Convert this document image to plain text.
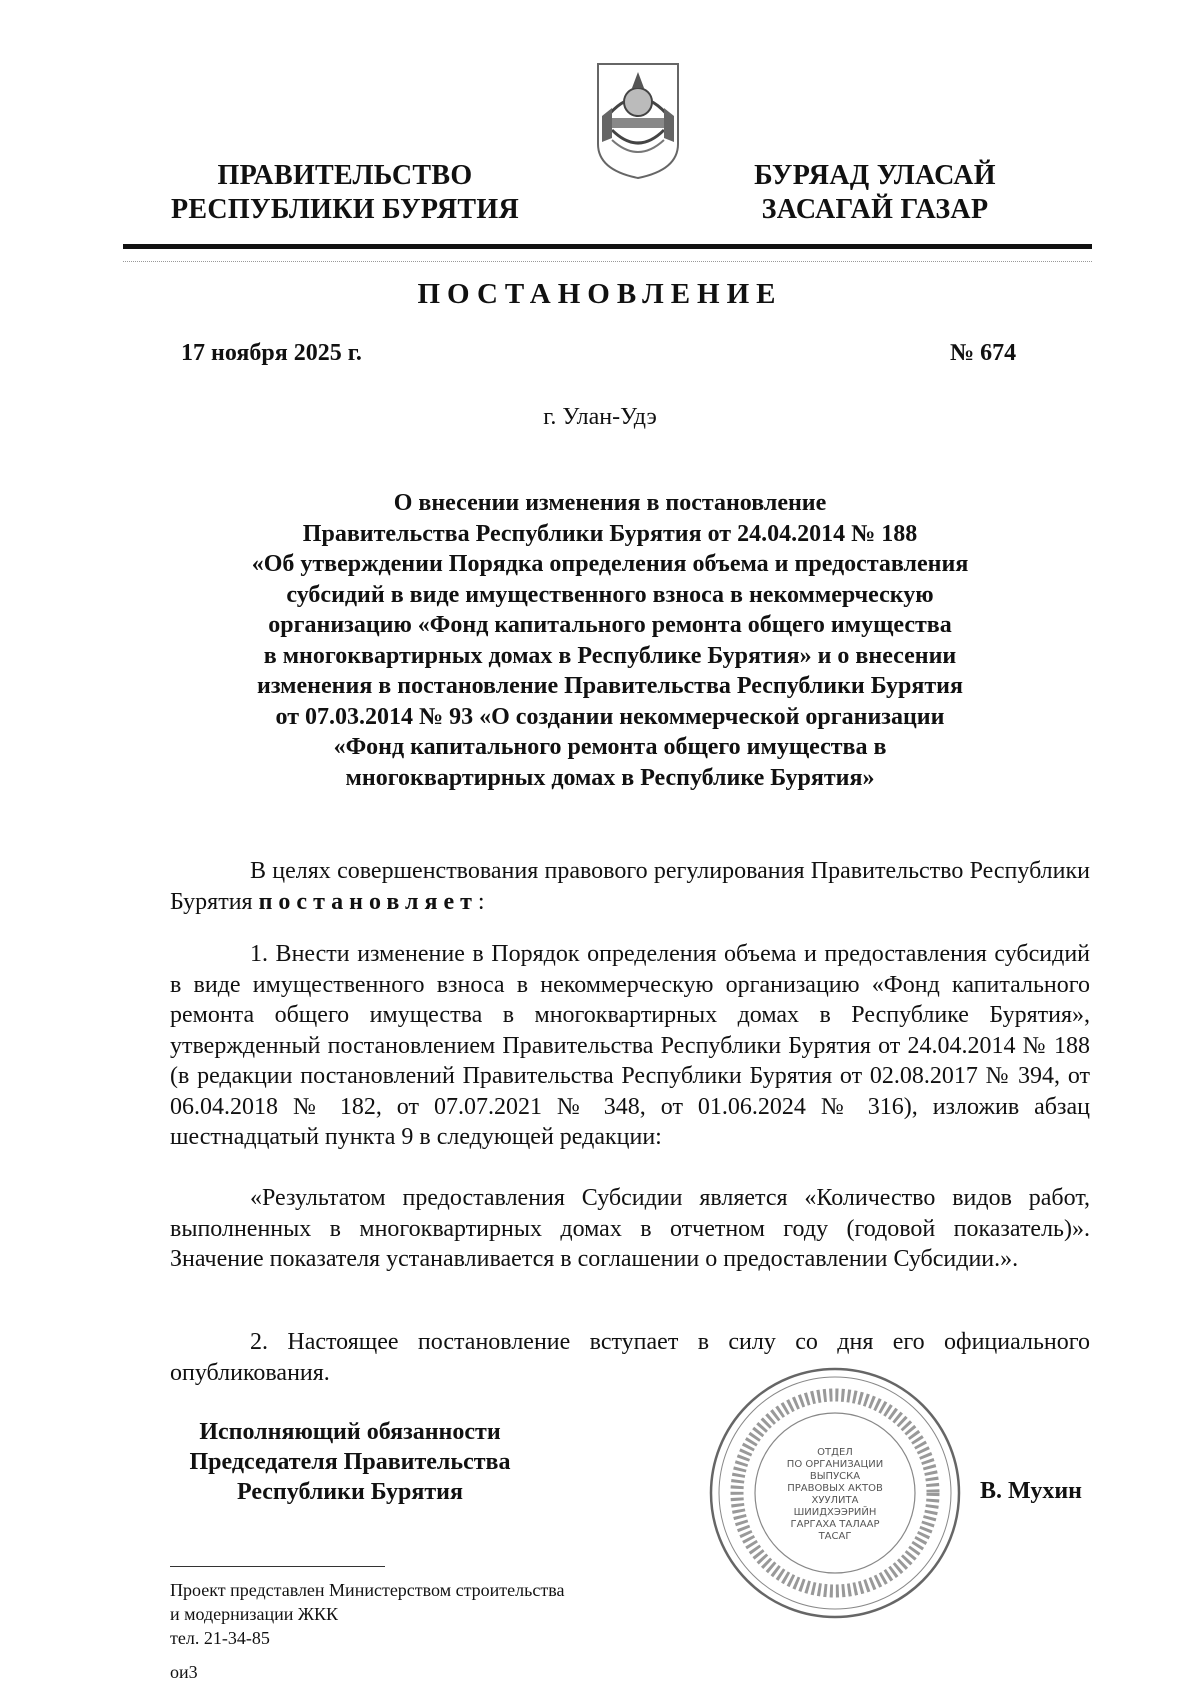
ПРАВИТЕЛЬСТВО
РЕСПУБЛИКИ БУРЯТИЯ
БУРЯАД УЛАСАЙ
ЗАСАГАЙ ГАЗАР
ПОСТАНОВЛЕНИЕ
17 ноября 2025 г.	№ 674
г. Улан-Удэ
О внесении изменения в постановление
Правительства Республики Бурятия от 24.04.2014 № 188
«Об утверждении Порядка определения объема и предоставления
субсидий в виде имущественного взноса в некоммерческую
организацию «Фонд капитального ремонта общего имущества
в многоквартирных домах в Республике Бурятия» и о внесении
изменения в постановление Правительства Республики Бурятия
от 07.03.2014 № 93 «О создании некоммерческой организации
«Фонд капитального ремонта общего имущества в
многоквартирных домах в Республике Бурятия»

В целях совершенствования правового регулирования Правительство Республики Бурятия постановляет:

1. Внести изменение в Порядок определения объема и предоставления субсидий в виде имущественного взноса в некоммерческую организацию «Фонд капитального ремонта общего имущества в многоквартирных домах в Республике Бурятия», утвержденный постановлением Правительства Республики Бурятия от 24.04.2014 № 188 (в редакции постановлений Правительства Республики Бурятия от 02.08.2017 № 394, от 06.04.2018 № 182, от 07.07.2021 № 348, от 01.06.2024 № 316), изложив абзац шестнадцатый пункта 9 в следующей редакции:

«Результатом предоставления Субсидии является «Количество видов работ, выполненных в многоквартирных домах в отчетном году (годовой показатель)». Значение показателя устанавливается в соглашении о предоставлении Субсидии.».

2. Настоящее постановление вступает в силу со дня его официального опубликования.

Исполняющий обязанности
Председателя Правительства
Республики Бурятия
ОТДЕЛ
ПО ОРГАНИЗАЦИИ
ВЫПУСКА
ПРАВОВЫХ АКТОВ
ХУУЛИТА
ШИИДХЭЭРИЙН
ГАРГАХА ТАЛААР
ТАСАГ
В. Мухин
Проект представлен Министерством строительства
и модернизации ЖКК
тел. 21-34-85
ои3
